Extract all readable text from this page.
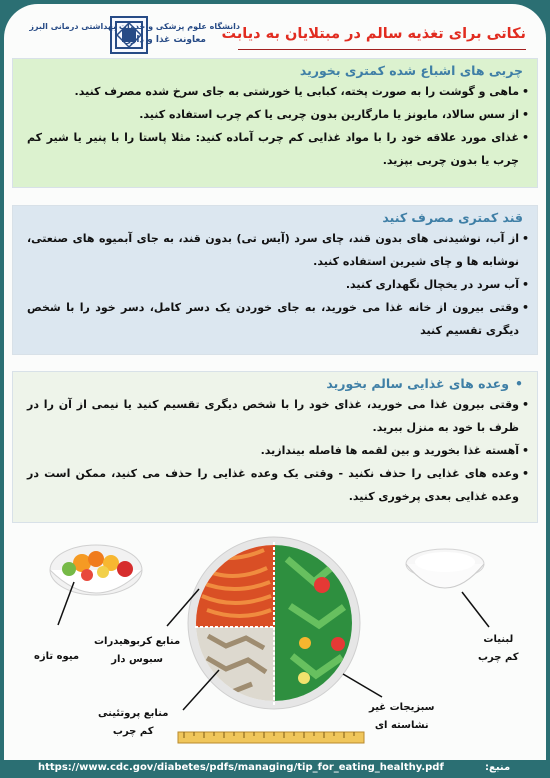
دانشگاه علوم پزشکی و خدمات بهداشتی درمانی البرز
معاونت غذا و دارو نکاتی برای تغذیه سالم در مبتلایان به دیابت
چربی های اشباع شده کمتری بخورید
• ماهی و گوشت را به صورت پخته، کبابی یا خورشتی به جای سرخ شده مصرف کنید.
• از سس سالاد، مایونز یا مارگارین بدون چربی یا کم چرب استفاده کنید.
• غذای مورد علاقه خود را با مواد غذایی کم چرب آماده کنید: مثلا پاستا را با پنیر یا شیر کم چرب یا بدون چربی بپزید.
قند کمتری مصرف کنید
• از آب، نوشیدنی های بدون قند، چای سرد (آیس تی) بدون قند، به جای آبمیوه های صنعتی، نوشابه ها و چای شیرین استفاده کنید.
• آب سرد در یخچال نگهداری کنید.
• وقتی بیرون از خانه غذا می خورید، به جای خوردن یک دسر کامل، دسر خود را با شخص دیگری تقسیم کنید
•وعده های غذایی سالم بخورید
• وقتی بیرون غذا می خورید، غذای خود را با شخص دیگری تقسیم کنید یا نیمی از آن را در ظرف با خود به منزل ببرید.
• آهسته غذا بخورید و بین لقمه ها فاصله بیندازید.
• وعده های غذایی را حذف نکنید - وقتی یک وعده غذایی را حذف می کنید، ممکن است در وعده غذایی بعدی پرخوری کنید.
میوه تازه
منابع کربوهیدرات
سبوس دار
منابع پروتئینی
کم چرب
سبزیجات غیر
نشاسته ای
لبنیات
کم چرب
https://www.cdc.gov/diabetes/pdfs/managing/tip_for_eating_healthy.pdf	:منبع
